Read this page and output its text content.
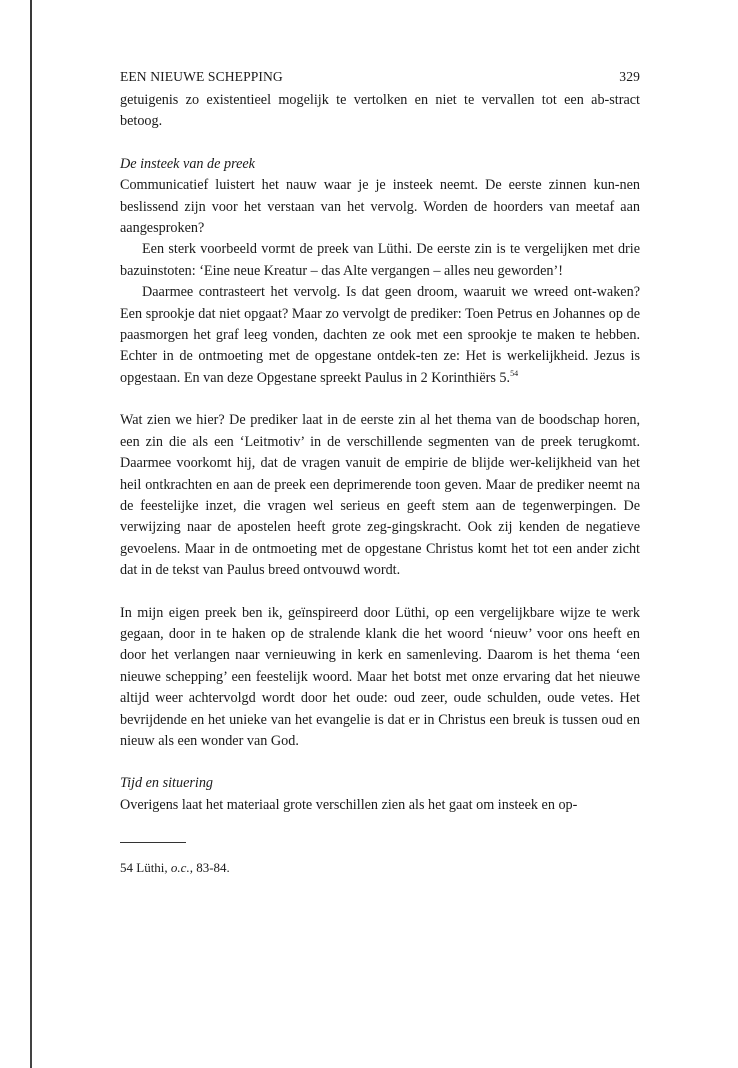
EEN NIEUWE SCHEPPING	329

getuigenis zo existentieel mogelijk te vertolken en niet te vervallen tot een ab-stract betoog.

De insteek van de preek

Communicatief luistert het nauw waar je je insteek neemt. De eerste zinnen kun-nen beslissend zijn voor het verstaan van het vervolg. Worden de hoorders van meetaf aan aangesproken?

Een sterk voorbeeld vormt de preek van Lüthi. De eerste zin is te vergelijken met drie bazuinstoten: ‘Eine neue Kreatur – das Alte vergangen – alles neu geworden’!

Daarmee contrasteert het vervolg. Is dat geen droom, waaruit we wreed ont-waken? Een sprookje dat niet opgaat? Maar zo vervolgt de prediker: Toen Petrus en Johannes op de paasmorgen het graf leeg vonden, dachten ze ook met een sprookje te maken te hebben. Echter in de ontmoeting met de opgestane ontdek-ten ze: Het is werkelijkheid. Jezus is opgestaan. En van deze Opgestane spreekt Paulus in 2 Korinthiërs 5.54

Wat zien we hier? De prediker laat in de eerste zin al het thema van de boodschap horen, een zin die als een ‘Leitmotiv’ in de verschillende segmenten van de preek terugkomt. Daarmee voorkomt hij, dat de vragen vanuit de empirie de blijde wer-kelijkheid van het heil ontkrachten en aan de preek een deprimerende toon geven. Maar de prediker neemt na de feestelijke inzet, die vragen wel serieus en geeft stem aan de tegenwerpingen. De verwijzing naar de apostelen heeft grote zeg-gingskracht. Ook zij kenden de negatieve gevoelens. Maar in de ontmoeting met de opgestane Christus komt het tot een ander zicht dat in de tekst van Paulus breed ontvouwd wordt.

In mijn eigen preek ben ik, geïnspireerd door Lüthi, op een vergelijkbare wijze te werk gegaan, door in te haken op de stralende klank die het woord ‘nieuw’ voor ons heeft en door het verlangen naar vernieuwing in kerk en samenleving. Daarom is het thema ‘een nieuwe schepping’ een feestelijk woord. Maar het botst met onze ervaring dat het nieuwe altijd weer achtervolgd wordt door het oude: oud zeer, oude schulden, oude vetes. Het bevrijdende en het unieke van het evangelie is dat er in Christus een breuk is tussen oud en nieuw als een wonder van God.

Tijd en situering

Overigens laat het materiaal grote verschillen zien als het gaat om insteek en op-

54 Lüthi, o.c., 83-84.
